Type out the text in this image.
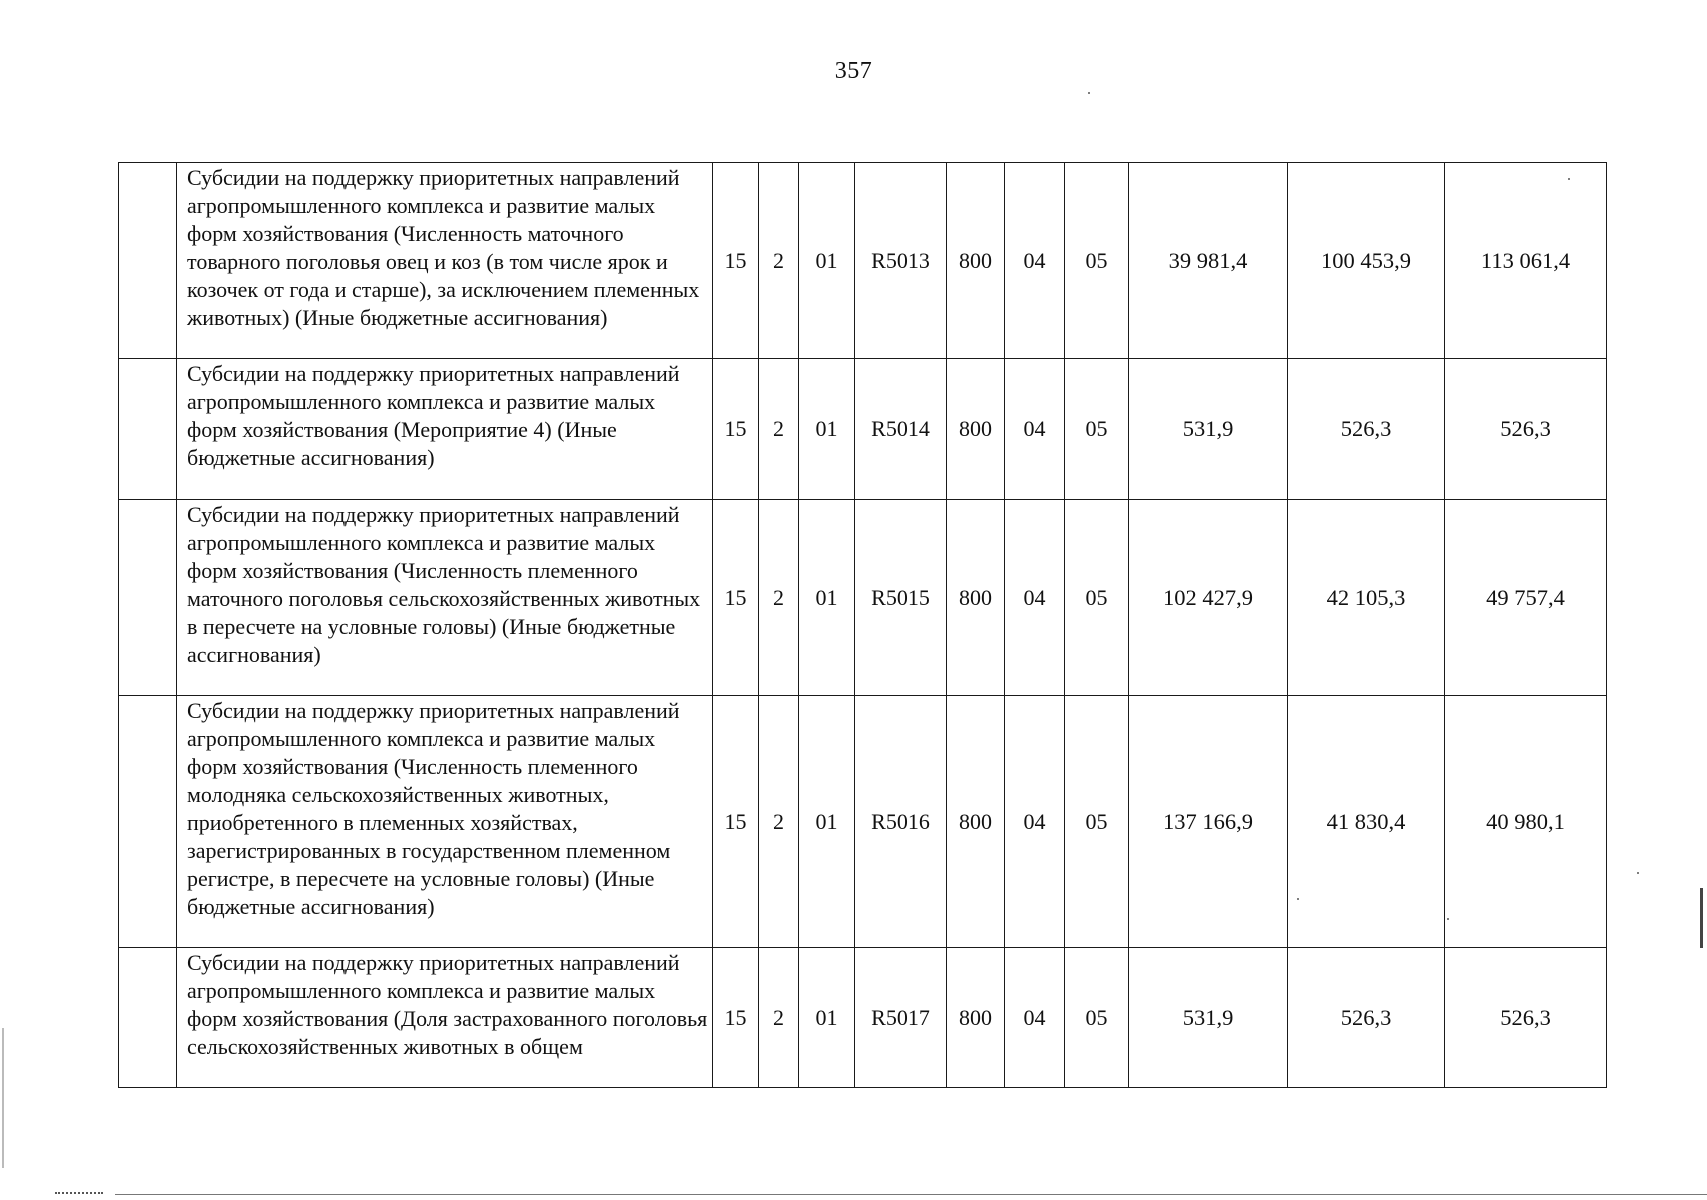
357
	Субсидии на поддержку приоритетных направлений агропромышленного комплекса и развитие малых форм хозяйствования (Численность маточного товарного поголовья овец и коз (в том числе ярок и козочек от года и старше), за исключением племенных животных) (Иные бюджетные ассигнования)	15	2	01	R5013	800	04	05	39 981,4	100 453,9	113 061,4
	Субсидии на поддержку приоритетных направлений агропромышленного комплекса и развитие малых форм хозяйствования (Мероприятие 4) (Иные бюджетные ассигнования)	15	2	01	R5014	800	04	05	531,9	526,3	526,3
	Субсидии на поддержку приоритетных направлений агропромышленного комплекса и развитие малых форм хозяйствования (Численность племенного маточного поголовья сельскохозяйственных животных в пересчете на условные головы) (Иные бюджетные ассигнования)	15	2	01	R5015	800	04	05	102 427,9	42 105,3	49 757,4
	Субсидии на поддержку приоритетных направлений агропромышленного комплекса и развитие малых форм хозяйствования (Численность племенного молодняка сельскохозяйственных животных, приобретенного в племенных хозяйствах, зарегистрированных в государственном племенном регистре, в пересчете на условные головы) (Иные бюджетные ассигнования)	15	2	01	R5016	800	04	05	137 166,9	41 830,4	40 980,1
	Субсидии на поддержку приоритетных направлений агропромышленного комплекса и развитие малых форм хозяйствования (Доля застрахованного поголовья сельскохозяйственных животных в общем	15	2	01	R5017	800	04	05	531,9	526,3	526,3
